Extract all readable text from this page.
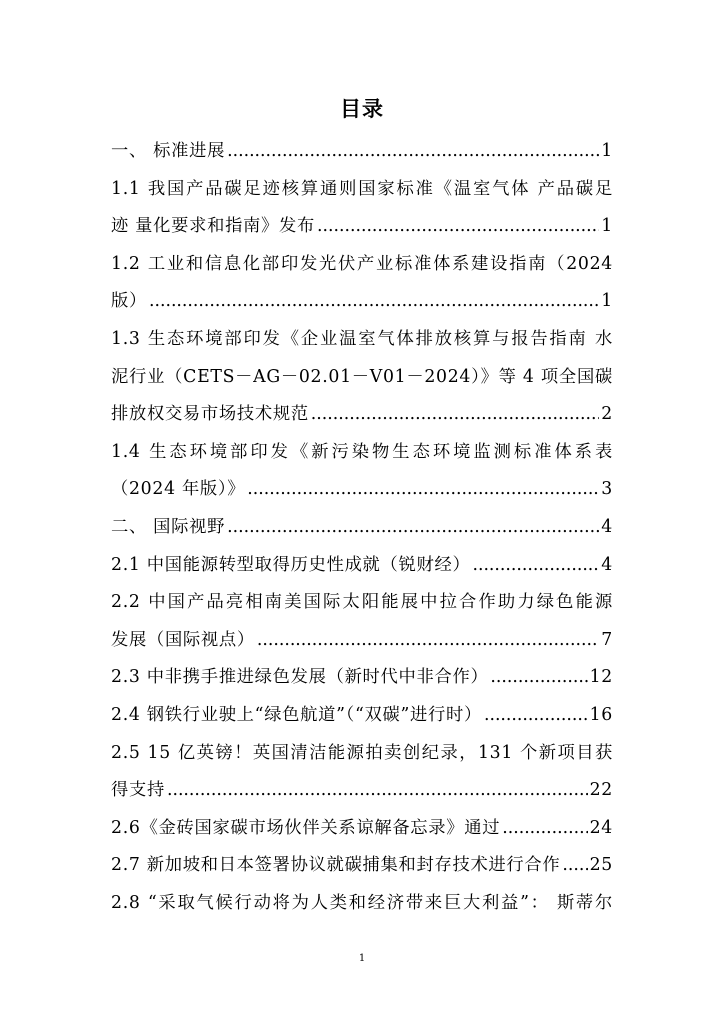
目录
一、 标准进展 .....	1
1.1 我国产品碳足迹核算通则国家标准《温室气体 产品碳足
迹 量化要求和指南》发布 .....	1
1.2 工业和信息化部印发光伏产业标准体系建设指南（2024
版） .....	1
1.3 生态环境部印发《企业温室气体排放核算与报告指南 水
泥行业（CETS－AG－02.01－V01－2024）》等 4 项全国碳
排放权交易市场技术规范 .....	2
1.4 生态环境部印发《新污染物生态环境监测标准体系表
（2024 年版）》 .....	3
二、 国际视野 .....	4
2.1 中国能源转型取得历史性成就（锐财经） .....	4
2.2 中国产品亮相南美国际太阳能展中拉合作助力绿色能源
发展（国际视点） .....	7
2.3 中非携手推进绿色发展（新时代中非合作） .....	12
2.4 钢铁行业驶上“绿色航道”（“双碳”进行时） .....	16
2.5 15 亿英镑！英国清洁能源拍卖创纪录，131 个新项目获
得支持 .....	22
2.6《金砖国家碳市场伙伴关系谅解备忘录》通过 .....	24
2.7 新加坡和日本签署协议就碳捕集和封存技术进行合作 ..... 25
2.8 “采取气候行动将为人类和经济带来巨大利益”： 斯蒂尔
1
